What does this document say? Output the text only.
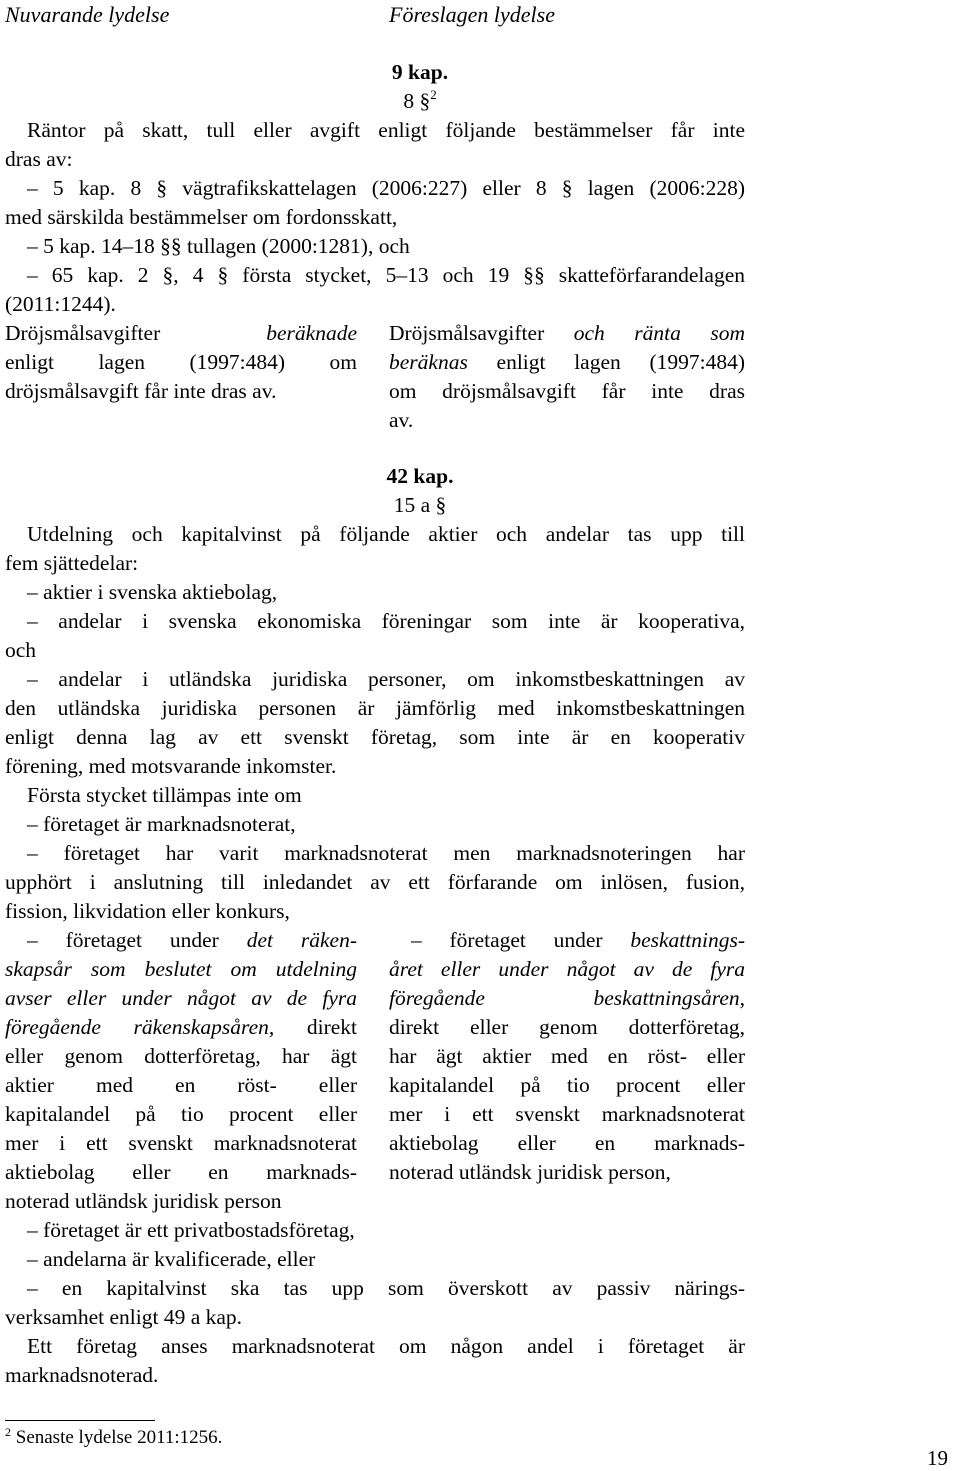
Nuvarande lydelse	Föreslagen lydelse
9 kap.
8 §$^2$
Räntor på skatt, tull eller avgift enligt följande bestämmelser får inte
dras av:
– 5 kap. 8 § vägtrafikskattelagen (2006:227) eller 8 § lagen (2006:228)
med särskilda bestämmelser om fordonsskatt,
– 5 kap. 14–18 §§ tullagen (2000:1281), och
– 65 kap. 2 §, 4 § första stycket, 5–13 och 19 §§ skatteförfarandelagen
(2011:1244).
Dröjsmålsavgifter	beräknade
enligt lagen (1997:484) om
dröjsmålsavgift får inte dras av.
Dröjsmålsavgifter och ränta som
beräknas enligt lagen (1997:484)
om dröjsmålsavgift får inte dras
av.
42 kap.
15 a §
Utdelning och kapitalvinst på följande aktier och andelar tas upp till
fem sjättedelar:
– aktier i svenska aktiebolag,
– andelar i svenska ekonomiska föreningar som inte är kooperativa,
och
– andelar i utländska juridiska personer, om inkomstbeskattningen av
den utländska juridiska personen är jämförlig med inkomstbeskattningen
enligt denna lag av ett svenskt företag, som inte är en kooperativ
förening, med motsvarande inkomster.
Första stycket tillämpas inte om
– företaget är marknadsnoterat,
– företaget har varit marknadsnoterat men marknadsnoteringen har
upphört i anslutning till inledandet av ett förfarande om inlösen, fusion,
fission, likvidation eller konkurs,
– företaget under det räken-
skapsår som beslutet om utdelning
avser eller under något av de fyra
föregående räkenskapsåren, direkt
eller genom dotterföretag, har ägt
aktier med en röst- eller
kapitalandel på tio procent eller
mer i ett svenskt marknadsnoterat
aktiebolag eller en marknads-
noterad utländsk juridisk person
– företaget under beskattnings-
året eller under något av de fyra
föregående beskattningsåren,
direkt eller genom dotterföretag,
har ägt aktier med en röst- eller
kapitalandel på tio procent eller
mer i ett svenskt marknadsnoterat
aktiebolag eller en marknads-
noterad utländsk juridisk person,
– företaget är ett privatbostadsföretag,
– andelarna är kvalificerade, eller
– en kapitalvinst ska tas upp som överskott av passiv närings-
verksamhet enligt 49 a kap.
Ett företag anses marknadsnoterat om någon andel i företaget är
marknadsnoterad.
$^2$ Senaste lydelse 2011:1256.
19
